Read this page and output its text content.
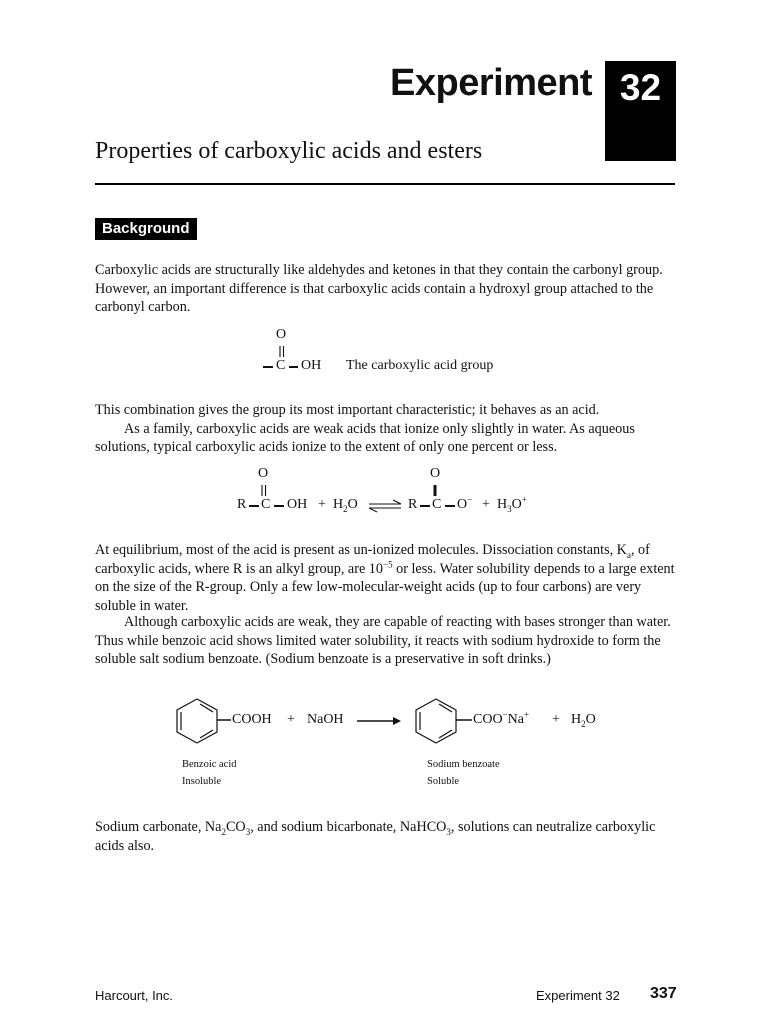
Experiment 32
Properties of carboxylic acids and esters
Background

Carboxylic acids are structurally like aldehydes and ketones in that they contain the carbonyl group. However, an important difference is that carboxylic acids contain a hydroxyl group attached to the carbonyl carbon.

O
C OH The carboxylic acid group

This combination gives the group its most important characteristic; it behaves as an acid.
As a family, carboxylic acids are weak acids that ionize only slightly in water. As aqueous solutions, typical carboxylic acids ionize to the extent of only one percent or less.

O	O
R C OH + $H_2O$	R C $O^- + H_3O^+$

At equilibrium, most of the acid is present as un-ionized molecules. Dissociation constants, $K_a$, of carboxylic acids, where R is an alkyl group, are $10^{-5}$ or less. Water solubility depends to a large extent on the size of the R-group. Only a few low-molecular-weight acids (up to four carbons) are very soluble in water.

Although carboxylic acids are weak, they are capable of reacting with bases stronger than water. Thus while benzoic acid shows limited water solubility, it reacts with sodium hydroxide to form the soluble salt sodium benzoate. (Sodium benzoate is a preservative in soft drinks.)

COOH + NaOH	$COO^-Na^+ + H_2O$
Benzoic acid
Insoluble
Sodium benzoate
Soluble

Sodium carbonate, $Na_2CO_3$, and sodium bicarbonate, NaHCO$_3$, solutions can neutralize carboxylic acids also.

Harcourt, Inc.	Experiment 32 337
